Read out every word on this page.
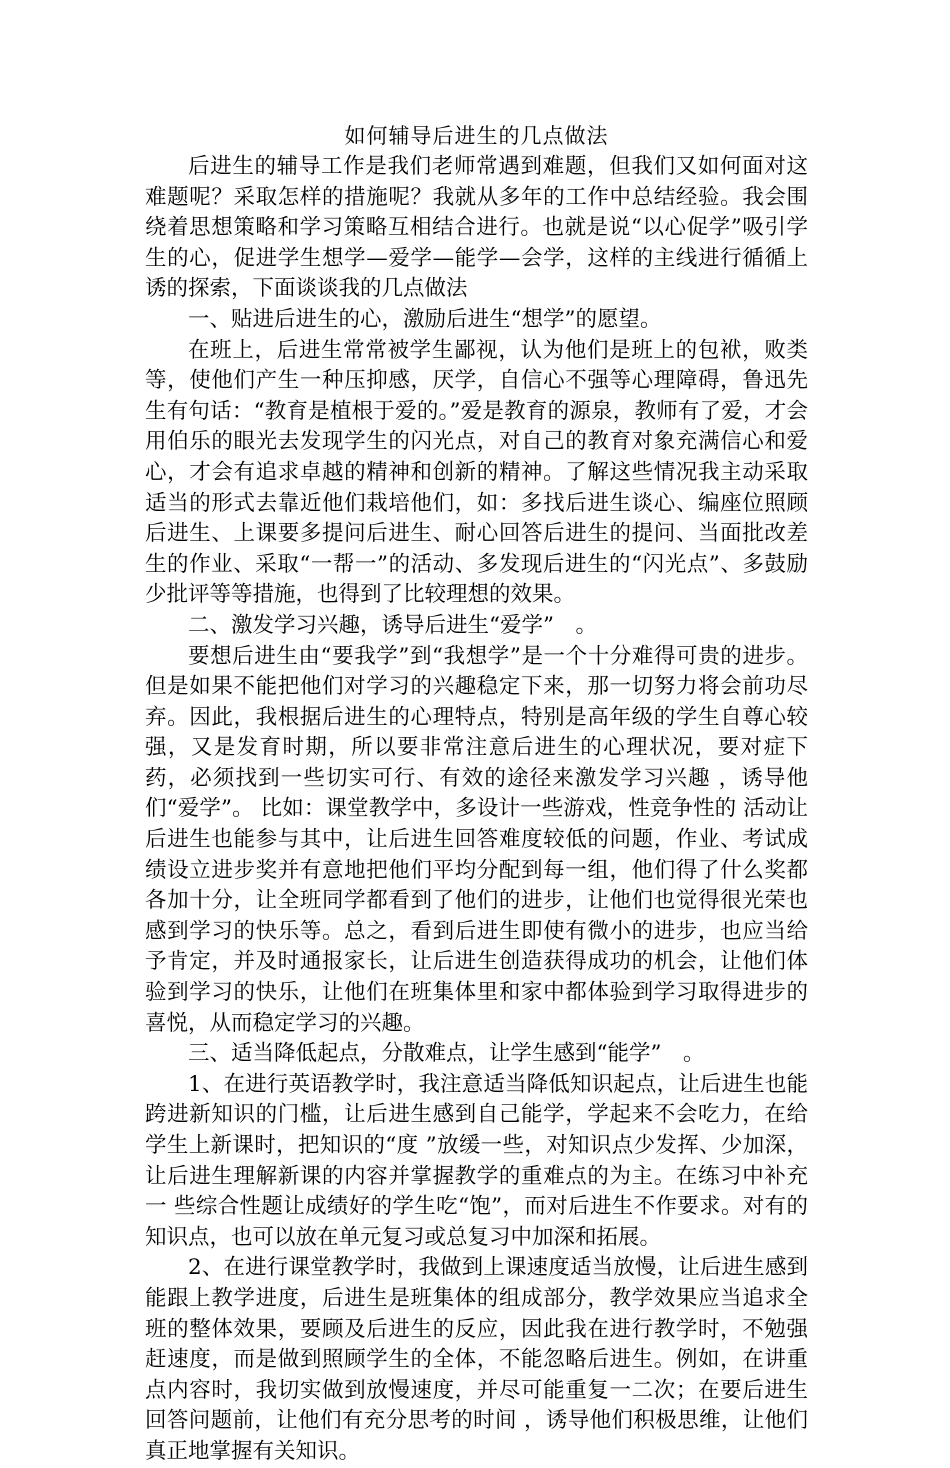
如何辅导后进生的几点做法

后进生的辅导工作是我们老师常遇到难题，但我们又如何面对这难题呢？采取怎样的措施呢？我就从多年的工作中总结经验。我会围绕着思想策略和学习策略互相结合进行。也就是说“以心促学”吸引学生的心，促进学生想学—爱学—能学—会学，这样的主线进行循循上诱的探索，下面谈谈我的几点做法

一、贴进后进生的心，激励后进生“想学”的愿望。

在班上，后进生常常被学生鄙视，认为他们是班上的包袱，败类等，使他们产生一种压抑感，厌学，自信心不强等心理障碍，鲁迅先生有句话：“教育是植根于爱的。”爱是教育的源泉，教师有了爱，才会用伯乐的眼光去发现学生的闪光点，对自己的教育对象充满信心和爱心，才会有追求卓越的精神和创新的精神。了解这些情况我主动采取适当的形式去靠近他们栽培他们，如：多找后进生谈心、编座位照顾后进生、上课要多提问后进生、耐心回答后进生的提问、当面批改差生的作业、采取“一帮一”的活动、多发现后进生的“闪光点”、多鼓励少批评等等措施，也得到了比较理想的效果。

二、激发学习兴趣，诱导后进生“爱学”　。

要想后进生由“要我学”到“我想学”是一个十分难得可贵的进步。但是如果不能把他们对学习的兴趣稳定下来，那一切努力将会前功尽弃。因此，我根据后进生的心理特点，特别是高年级的学生自尊心较强，又是发育时期，所以要非常注意后进生的心理状况，要对症下药，必须找到一些切实可行、有效的途径来激发学习兴趣 ，诱导他们“爱学”。 比如：课堂教学中，多设计一些游戏，性竞争性的 活动让后进生也能参与其中，让后进生回答难度较低的问题，作业、考试成绩设立进步奖并有意地把他们平均分配到每一组，他们得了什么奖都各加十分，让全班同学都看到了他们的进步，让他们也觉得很光荣也感到学习的快乐等。总之，看到后进生即使有微小的进步，也应当给予肯定，并及时通报家长，让后进生创造获得成功的机会，让他们体验到学习的快乐，让他们在班集体里和家中都体验到学习取得进步的喜悦，从而稳定学习的兴趣。

三、适当降低起点，分散难点，让学生感到“能学”　。

1、在进行英语教学时，我注意适当降低知识起点，让后进生也能跨进新知识的门槛，让后进生感到自己能学，学起来不会吃力，在给学生上新课时，把知识的“度 ”放缓一些，对知识点少发挥、少加深，让后进生理解新课的内容并掌握教学的重难点的为主。在练习中补充一 些综合性题让成绩好的学生吃“饱”，而对后进生不作要求。对有的知识点，也可以放在单元复习或总复习中加深和拓展。

2、在进行课堂教学时，我做到上课速度适当放慢，让后进生感到能跟上教学进度，后进生是班集体的组成部分，教学效果应当追求全班的整体效果，要顾及后进生的反应，因此我在进行教学时，不勉强赶速度，而是做到照顾学生的全体，不能忽略后进生。例如，在讲重点内容时，我切实做到放慢速度，并尽可能重复一二次；在要后进生回答问题前，让他们有充分思考的时间 ，诱导他们积极思维，让他们真正地掌握有关知识。
